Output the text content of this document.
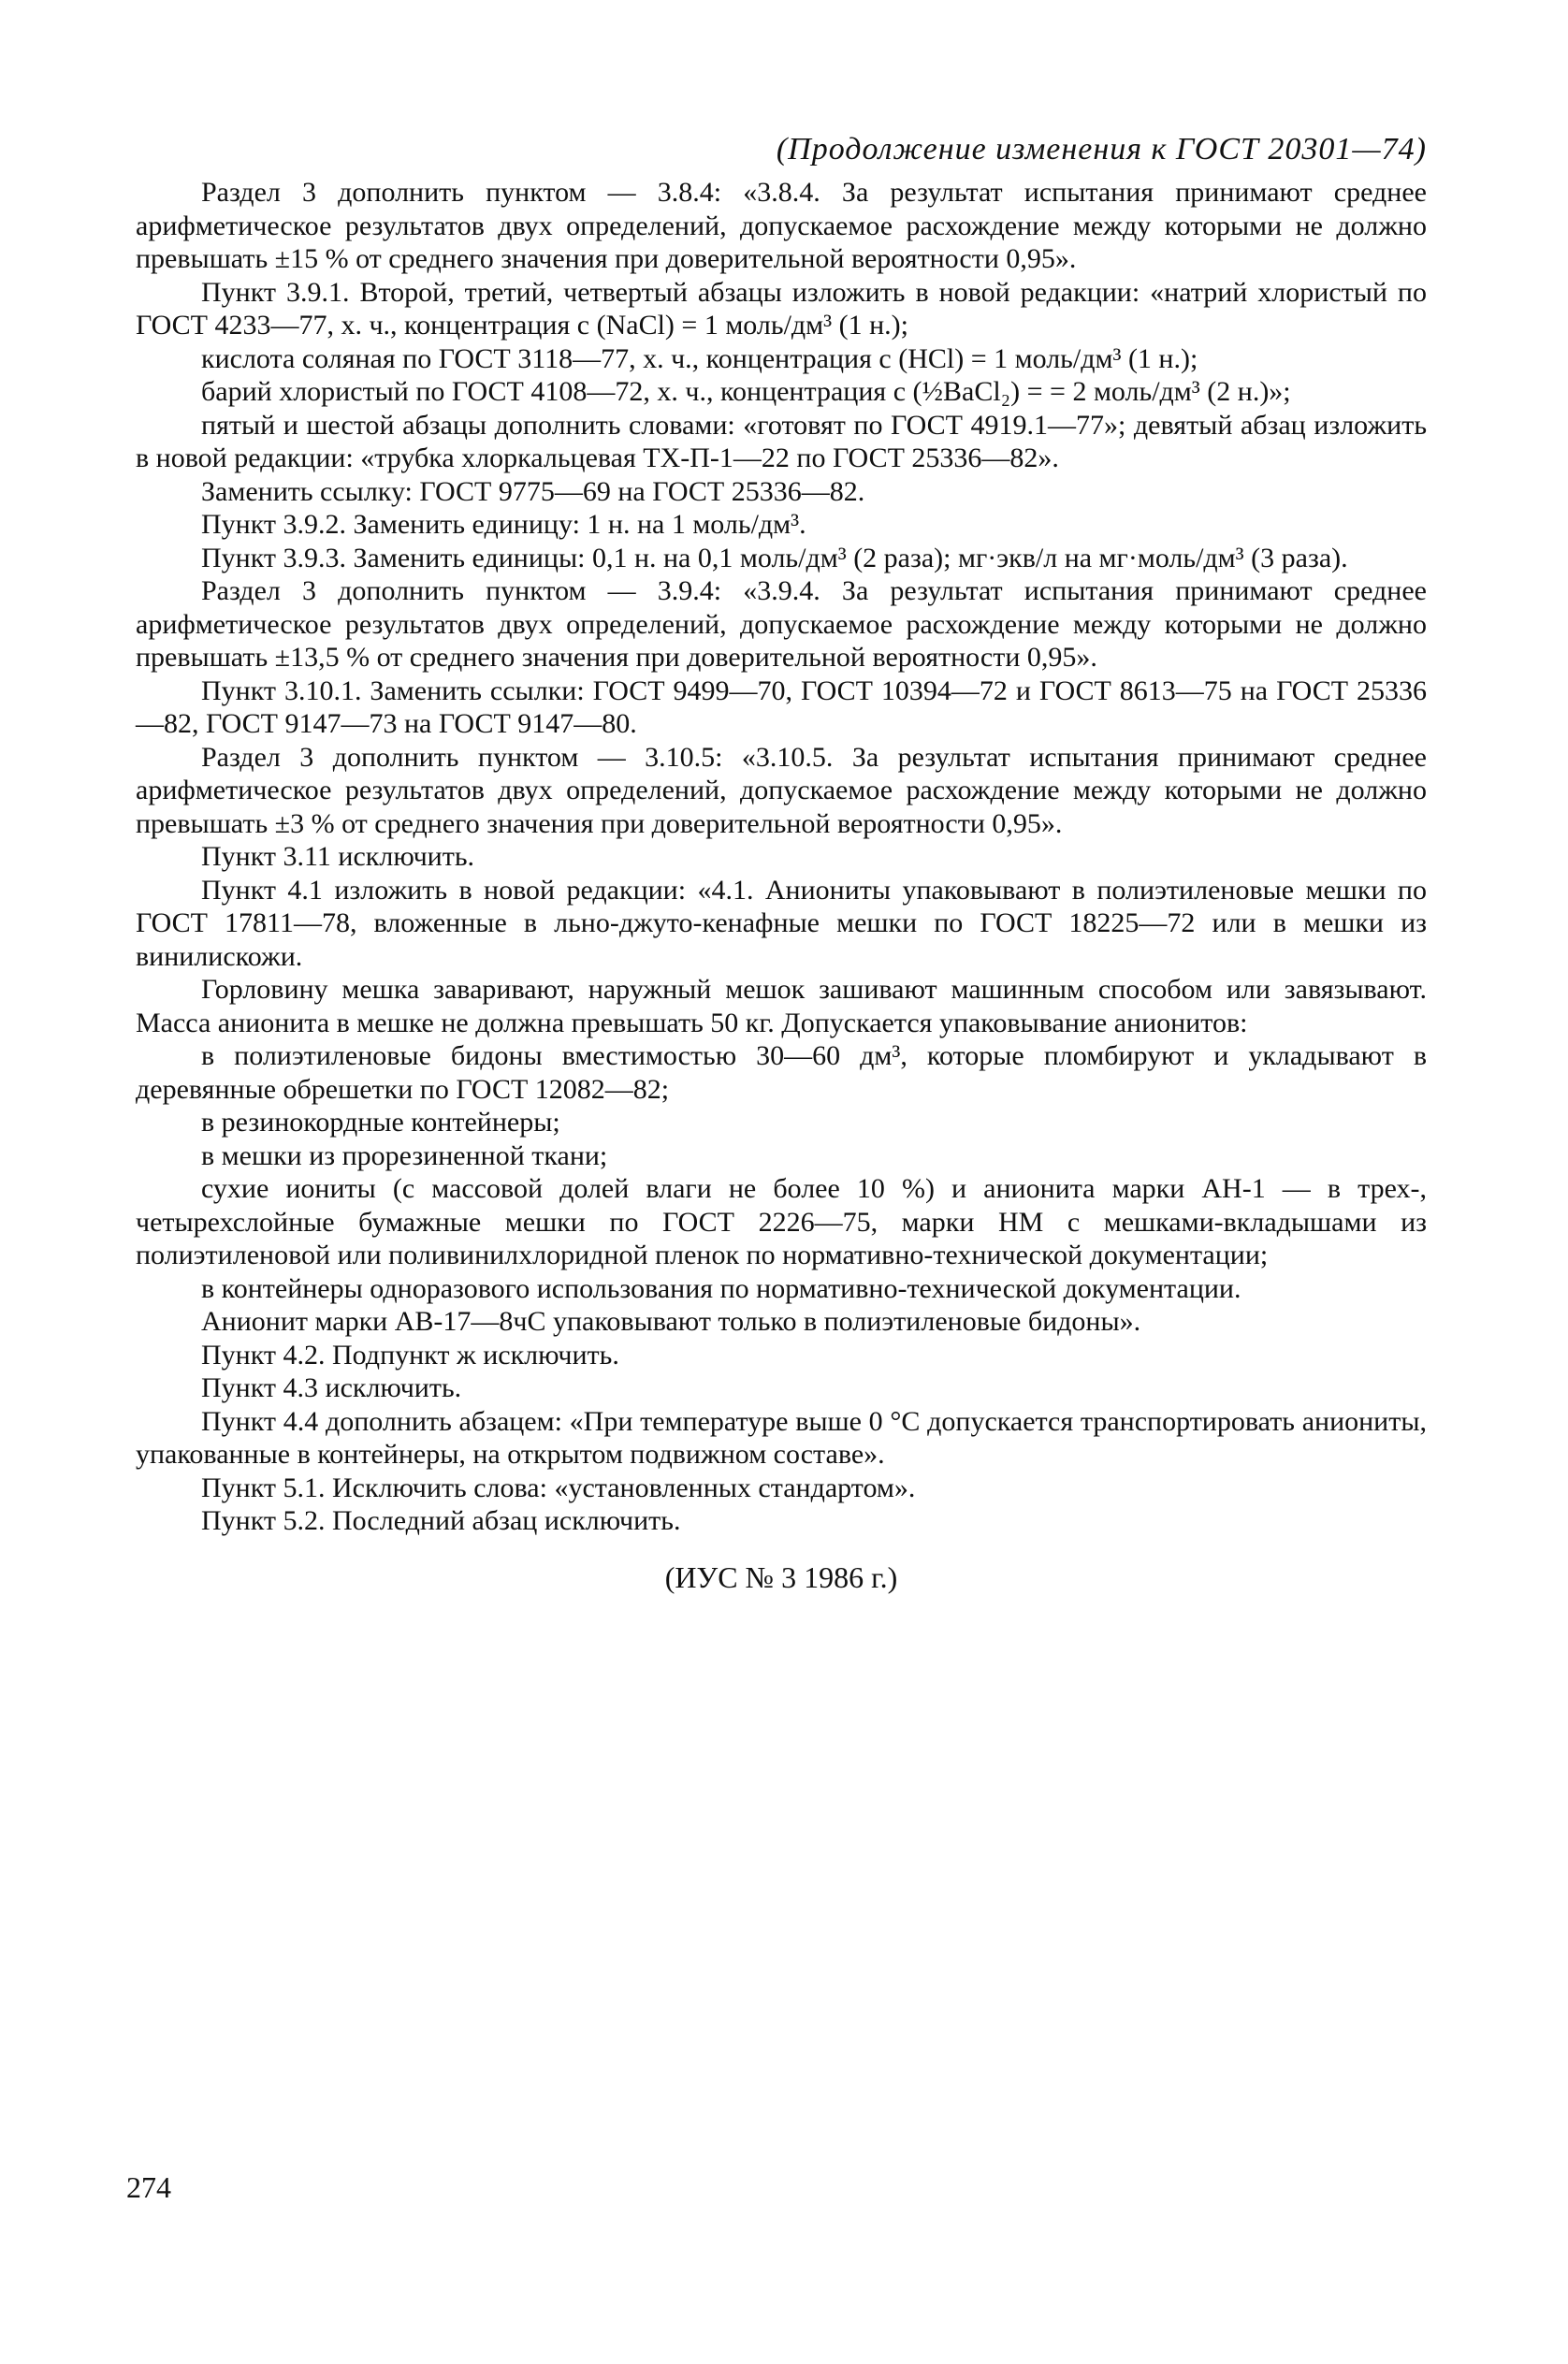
(Продолжение изменения к ГОСТ 20301—74)

Раздел 3 дополнить пунктом — 3.8.4: «3.8.4. За результат испытания принимают среднее арифметическое результатов двух определений, допускаемое расхождение между которыми не должно превышать ±15 % от среднего значения при доверительной вероятности 0,95».

Пункт 3.9.1. Второй, третий, четвертый абзацы изложить в новой редакции: «натрий хлористый по ГОСТ 4233—77, х. ч., концентрация с (NaCl) = 1 моль/дм³ (1 н.);

кислота соляная по ГОСТ 3118—77, х. ч., концентрация с (HCl) = 1 моль/дм³ (1 н.);

барий хлористый по ГОСТ 4108—72, х. ч., концентрация с (½BaCl₂) = = 2 моль/дм³ (2 н.)»;

пятый и шестой абзацы дополнить словами: «готовят по ГОСТ 4919.1—77»; девятый абзац изложить в новой редакции: «трубка хлоркальцевая ТХ-П-1—22 по ГОСТ 25336—82».

Заменить ссылку: ГОСТ 9775—69 на ГОСТ 25336—82.

Пункт 3.9.2. Заменить единицу: 1 н. на 1 моль/дм³.

Пункт 3.9.3. Заменить единицы: 0,1 н. на 0,1 моль/дм³ (2 раза); мг·экв/л на мг·моль/дм³ (3 раза).

Раздел 3 дополнить пунктом — 3.9.4: «3.9.4. За результат испытания принимают среднее арифметическое результатов двух определений, допускаемое расхождение между которыми не должно превышать ±13,5 % от среднего значения при доверительной вероятности 0,95».

Пункт 3.10.1. Заменить ссылки: ГОСТ 9499—70, ГОСТ 10394—72 и ГОСТ 8613—75 на ГОСТ 25336—82, ГОСТ 9147—73 на ГОСТ 9147—80.

Раздел 3 дополнить пунктом — 3.10.5: «3.10.5. За результат испытания принимают среднее арифметическое результатов двух определений, допускаемое расхождение между которыми не должно превышать ±3 % от среднего значения при доверительной вероятности 0,95».

Пункт 3.11 исключить.

Пункт 4.1 изложить в новой редакции: «4.1. Аниониты упаковывают в полиэтиленовые мешки по ГОСТ 17811—78, вложенные в льно-джуто-кенафные мешки по ГОСТ 18225—72 или в мешки из винилискожи.

Горловину мешка заваривают, наружный мешок зашивают машинным способом или завязывают. Масса анионита в мешке не должна превышать 50 кг. Допускается упаковывание анионитов:

в полиэтиленовые бидоны вместимостью 30—60 дм³, которые пломбируют и укладывают в деревянные обрешетки по ГОСТ 12082—82;

в резинокордные контейнеры;

в мешки из прорезиненной ткани;

сухие иониты (с массовой долей влаги не более 10 %) и анионита марки АН-1 — в трех-, четырехслойные бумажные мешки по ГОСТ 2226—75, марки НМ с мешками-вкладышами из полиэтиленовой или поливинилхлоридной пленок по нормативно-технической документации;

в контейнеры одноразового использования по нормативно-технической документации.

Анионит марки АВ-17—8чС упаковывают только в полиэтиленовые бидоны».

Пункт 4.2. Подпункт ж исключить.

Пункт 4.3 исключить.

Пункт 4.4 дополнить абзацем: «При температуре выше 0 °С допускается транспортировать аниониты, упакованные в контейнеры, на открытом подвижном составе».

Пункт 5.1. Исключить слова: «установленных стандартом».

Пункт 5.2. Последний абзац исключить.

(ИУС № 3 1986 г.)
274
